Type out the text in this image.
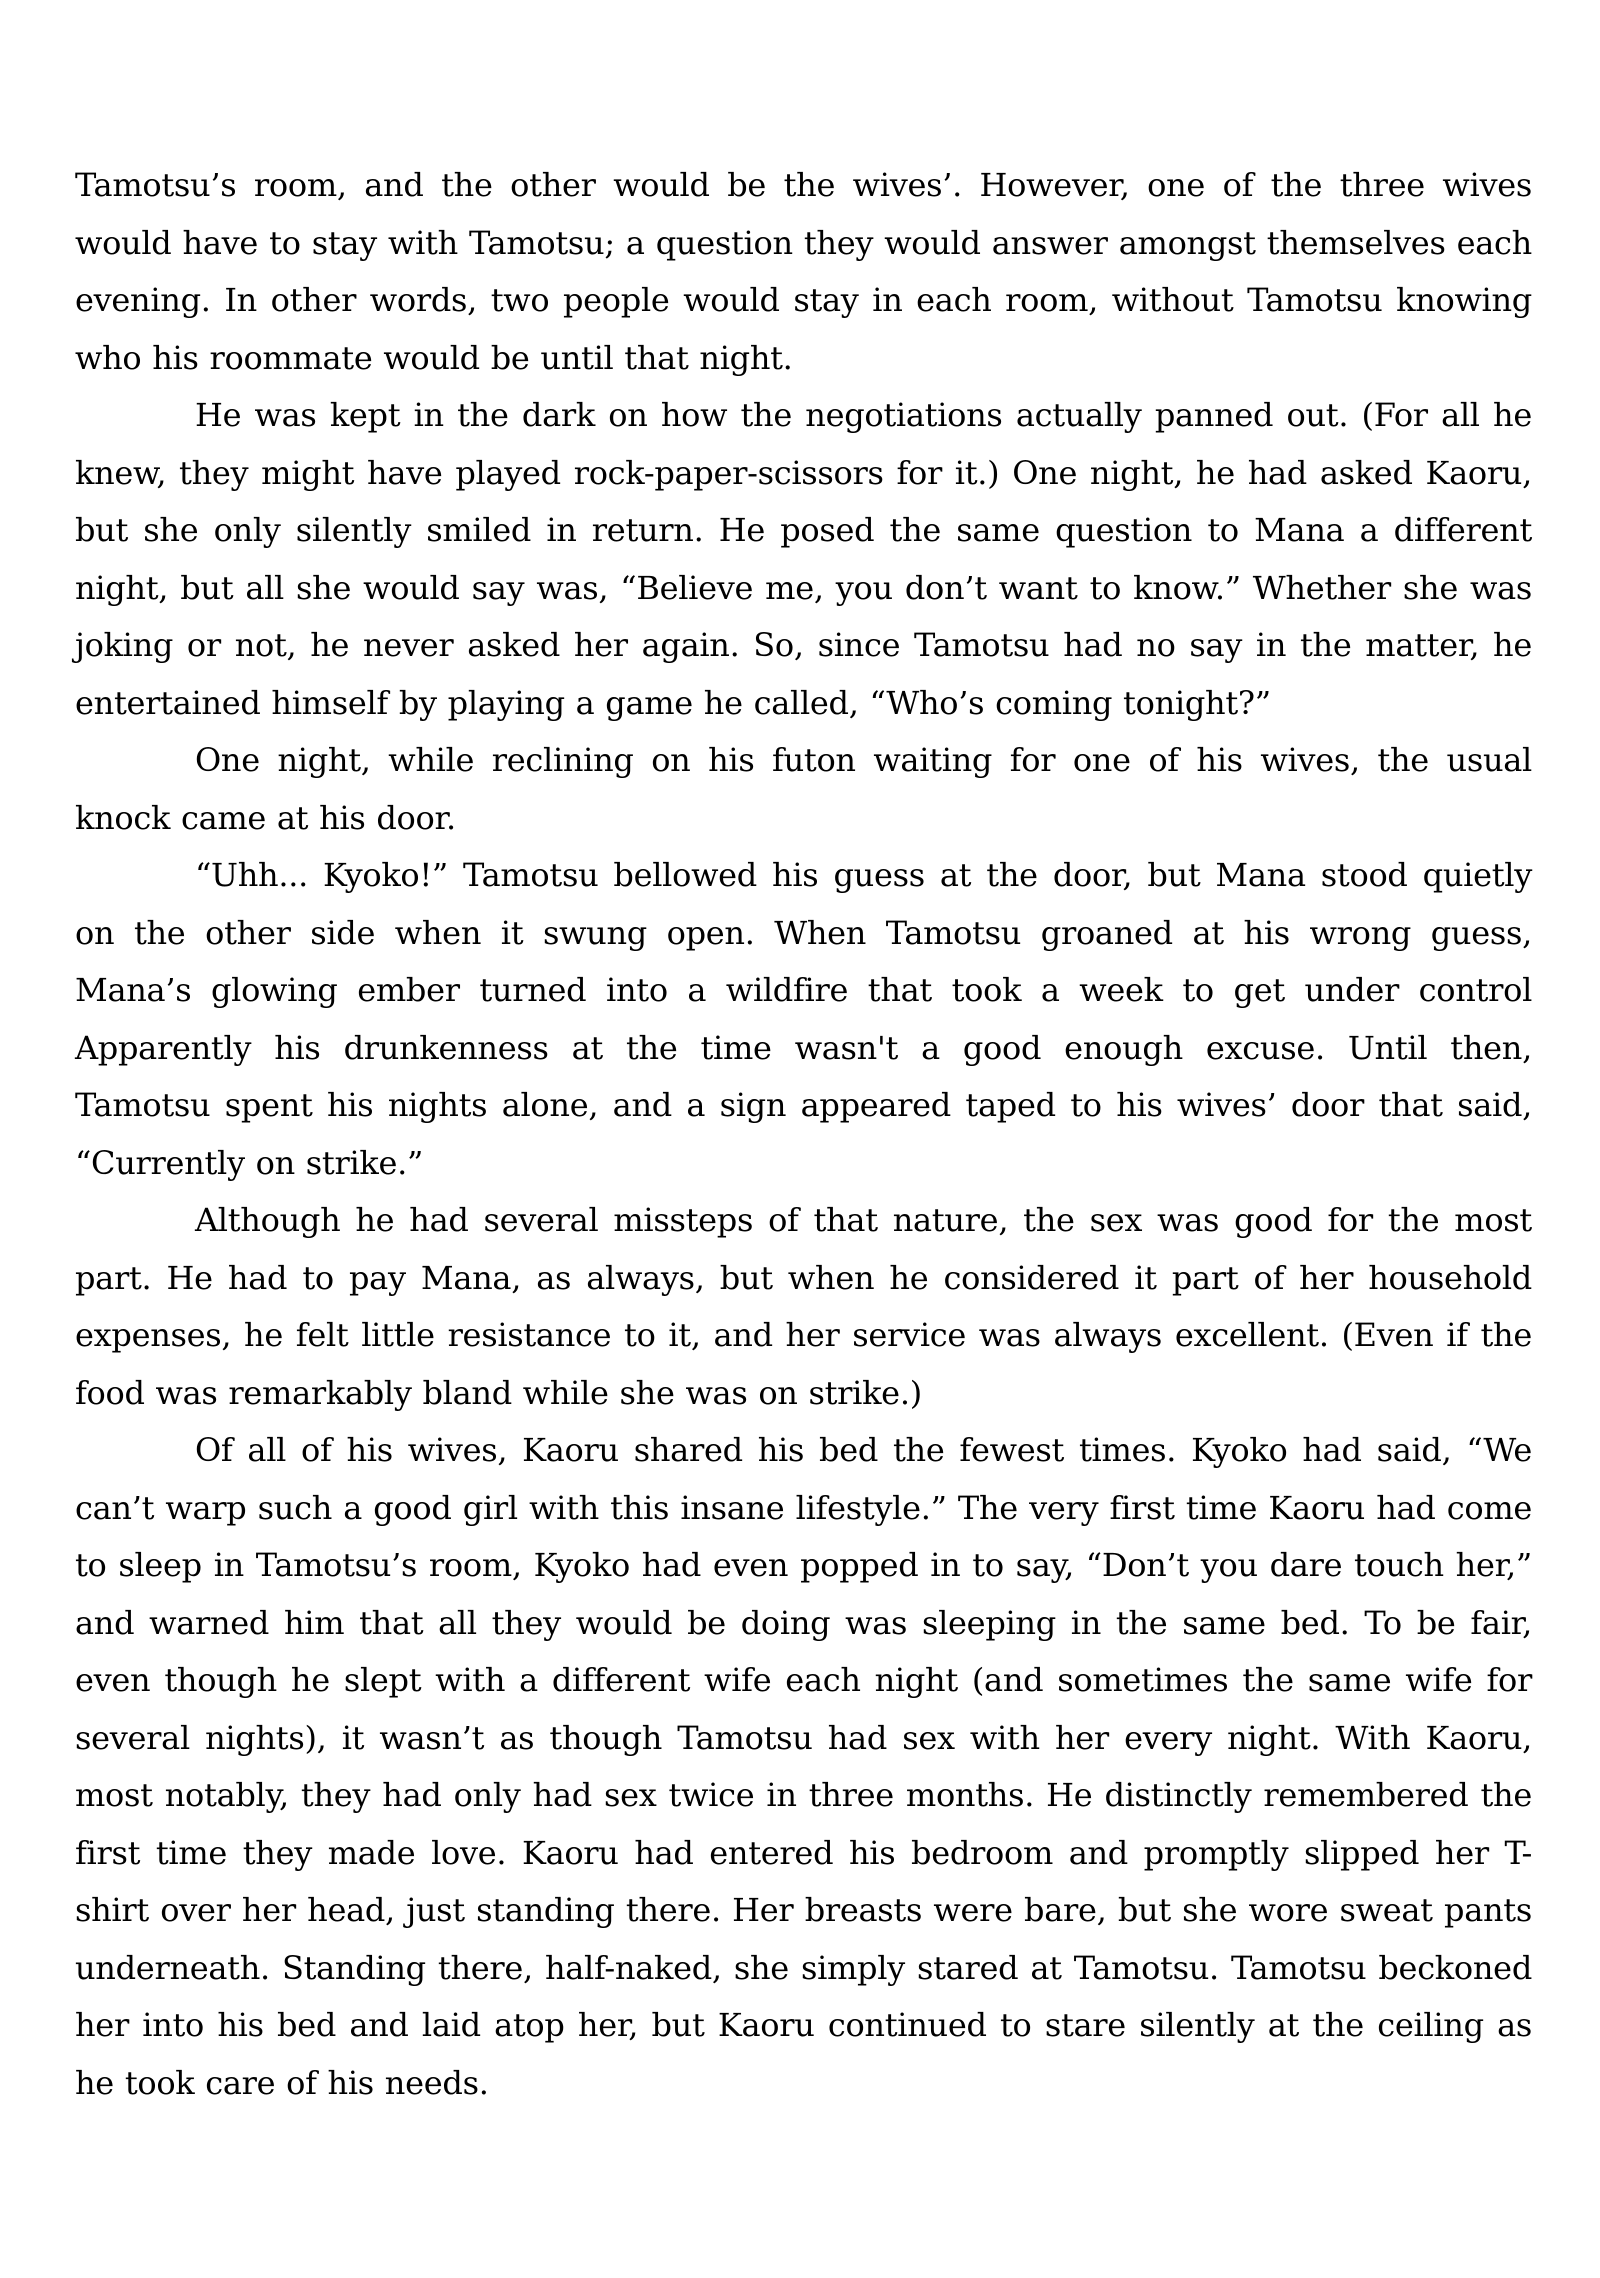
Tamotsu’s room, and the other would be the wives’. However, one of the three wives would have to stay with Tamotsu; a question they would answer amongst themselves each evening. In other words, two people would stay in each room, without Tamotsu knowing who his roommate would be until that night.

He was kept in the dark on how the negotiations actually panned out. (For all he knew, they might have played rock-paper-scissors for it.) One night, he had asked Kaoru, but she only silently smiled in return. He posed the same question to Mana a different night, but all she would say was, “Believe me, you don’t want to know.” Whether she was joking or not, he never asked her again. So, since Tamotsu had no say in the matter, he entertained himself by playing a game he called, “Who’s coming tonight?”

One night, while reclining on his futon waiting for one of his wives, the usual knock came at his door.

“Uhh... Kyoko!” Tamotsu bellowed his guess at the door, but Mana stood quietly on the other side when it swung open. When Tamotsu groaned at his wrong guess, Mana’s glowing ember turned into a wildfire that took a week to get under control Apparently his drunkenness at the time wasn't a good enough excuse. Until then, Tamotsu spent his nights alone, and a sign appeared taped to his wives’ door that said, “Currently on strike.”

Although he had several missteps of that nature, the sex was good for the most part. He had to pay Mana, as always, but when he considered it part of her household expenses, he felt little resistance to it, and her service was always excellent. (Even if the food was remarkably bland while she was on strike.)

Of all of his wives, Kaoru shared his bed the fewest times. Kyoko had said, “We can’t warp such a good girl with this insane lifestyle.” The very first time Kaoru had come to sleep in Tamotsu’s room, Kyoko had even popped in to say, “Don’t you dare touch her,” and warned him that all they would be doing was sleeping in the same bed. To be fair, even though he slept with a different wife each night (and sometimes the same wife for several nights), it wasn’t as though Tamotsu had sex with her every night. With Kaoru, most notably, they had only had sex twice in three months. He distinctly remembered the first time they made love. Kaoru had entered his bedroom and promptly slipped her T-shirt over her head, just standing there. Her breasts were bare, but she wore sweat pants underneath. Standing there, half-naked, she simply stared at Tamotsu. Tamotsu beckoned her into his bed and laid atop her, but Kaoru continued to stare silently at the ceiling as he took care of his needs.
